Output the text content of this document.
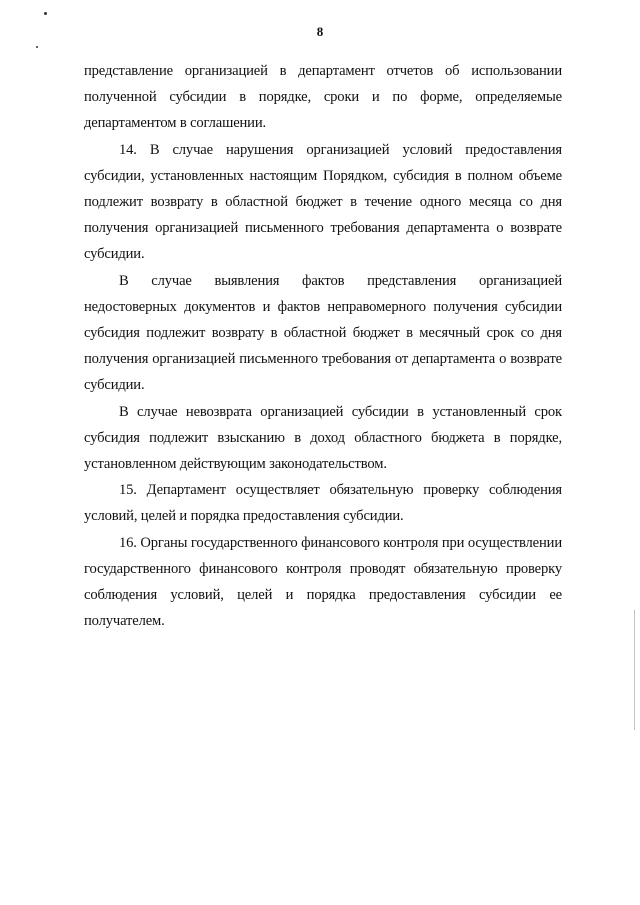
8

представление организацией в департамент отчетов об использовании полученной субсидии в порядке, сроки и по форме, определяемые департаментом в соглашении.

14. В случае нарушения организацией условий предоставления субсидии, установленных настоящим Порядком, субсидия в полном объеме подлежит возврату в областной бюджет в течение одного месяца со дня получения организацией письменного требования департамента о возврате субсидии.

В случае выявления фактов представления организацией недостоверных документов и фактов неправомерного получения субсидии субсидия подлежит возврату в областной бюджет в месячный срок со дня получения организацией письменного требования от департамента о возврате субсидии.

В случае невозврата организацией субсидии в установленный срок субсидия подлежит взысканию в доход областного бюджета в порядке, установленном действующим законодательством.

15. Департамент осуществляет обязательную проверку соблюдения условий, целей и порядка предоставления субсидии.

16. Органы государственного финансового контроля при осуществлении государственного финансового контроля проводят обязательную проверку соблюдения условий, целей и порядка предоставления субсидии ее получателем.
